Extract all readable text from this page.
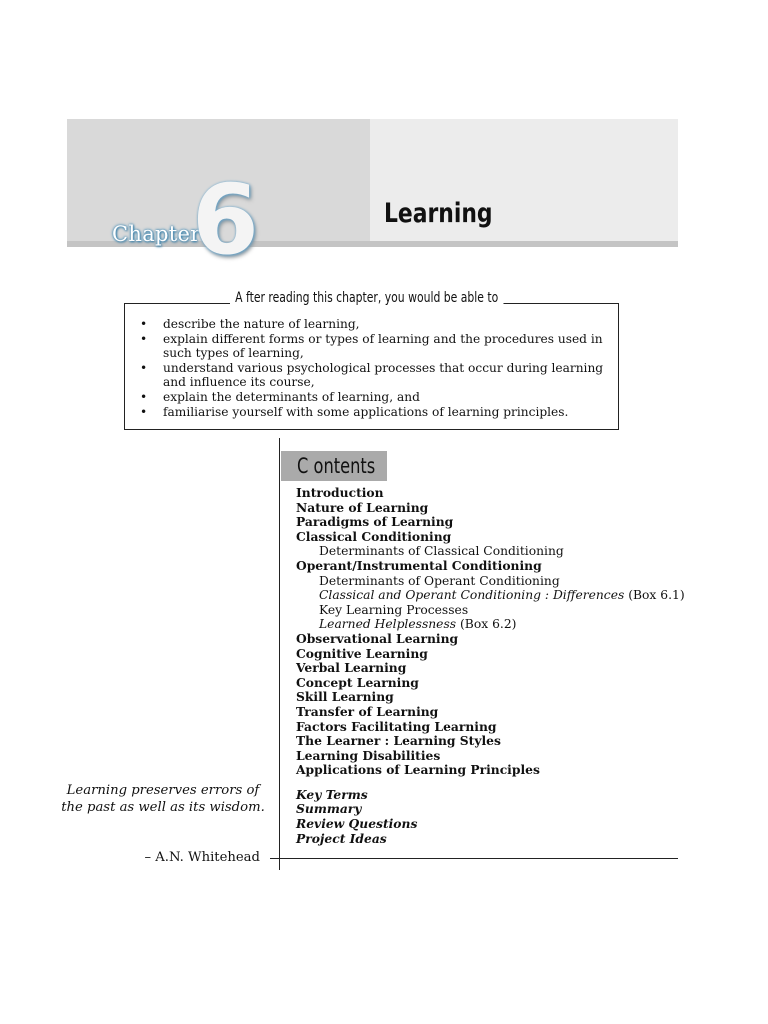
Chapter
6	Learning
A fter reading this chapter, you would be able to
• describe the nature of learning,
• explain different forms or types of learning and the procedures used in such types of learning,
• understand various psychological processes that occur during learning and influence its course,
• explain the determinants of learning, and
• familiarise yourself with some applications of learning principles.
C ontents
Introduction
Nature of Learning
Paradigms of Learning
Classical Conditioning
Determinants of Classical Conditioning
Operant/Instrumental Conditioning
Determinants of Operant Conditioning
Classical and Operant Conditioning : Differences (Box 6.1)
Key Learning Processes
Learned Helplessness (Box 6.2)
Observational Learning
Cognitive Learning
Verbal Learning
Concept Learning
Skill Learning
Transfer of Learning
Factors Facilitating Learning
The Learner : Learning Styles
Learning Disabilities
Applications of Learning Principles
Key Terms
Summary
Review Questions
Project Ideas
Learning preserves errors of the past as well as its wisdom.
– A.N. Whitehead
